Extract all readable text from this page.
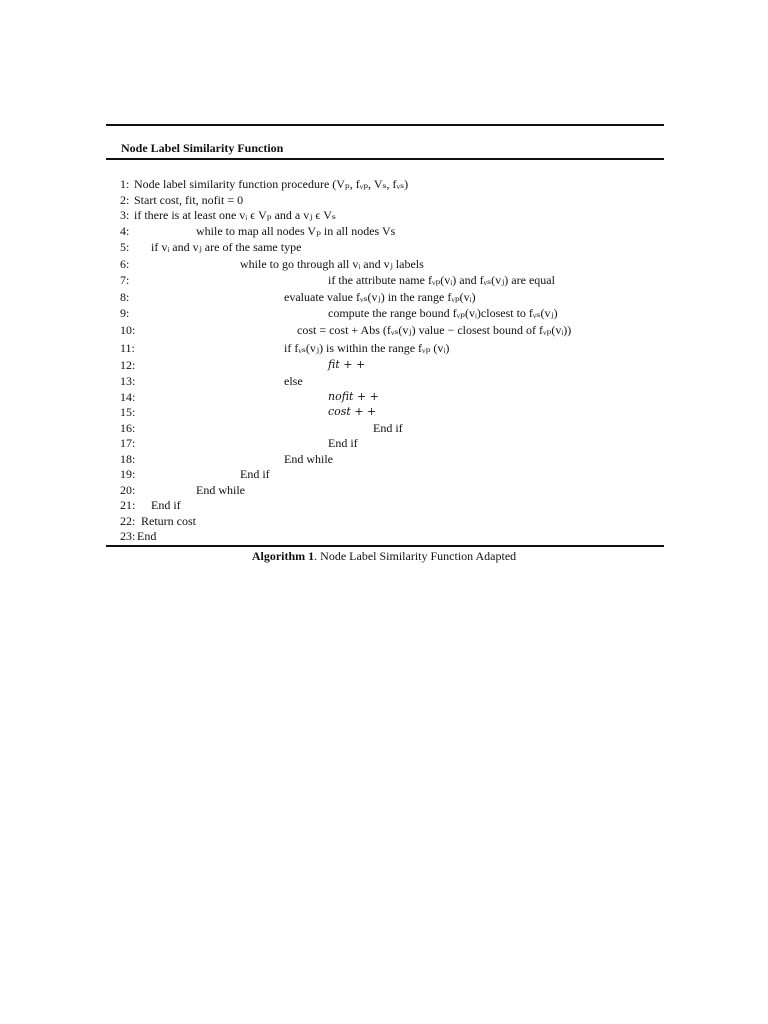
Node Label Similarity Function
1: Node label similarity function procedure (Vₚ, fᵥₚ, Vₛ, fᵥₛ)
2: Start cost, fit, nofit = 0
3: if there is at least one vᵢ ϵ Vₚ and a vⱼ ϵ Vₛ
4:	while to map all nodes Vₚ in all nodes Vs
5: if vᵢ and vⱼ are of the same type
6:	while to go through all vᵢ and vⱼ labels
7:	if the attribute name fᵥₚ(vᵢ) and fᵥₛ(vⱼ) are equal
8:	evaluate value fᵥₛ(vⱼ) in the range fᵥₚ(vᵢ)
9:	compute the range bound fᵥₚ(vᵢ)closest to fᵥₛ(vⱼ)
10:	cost = cost + Abs (fᵥₛ(vⱼ) value − closest bound of fᵥₚ(vᵢ))
11:	if fᵥₛ(vⱼ) is within the range fᵥₚ (vᵢ)
12:	fit + +
13:	else
14:	nofit + +
15:	cost + +
16:	End if
17:	End if
18:	End while
19:	End if
20:	End while
21: End if
22: Return cost
23: End
Algorithm 1. Node Label Similarity Function Adapted
